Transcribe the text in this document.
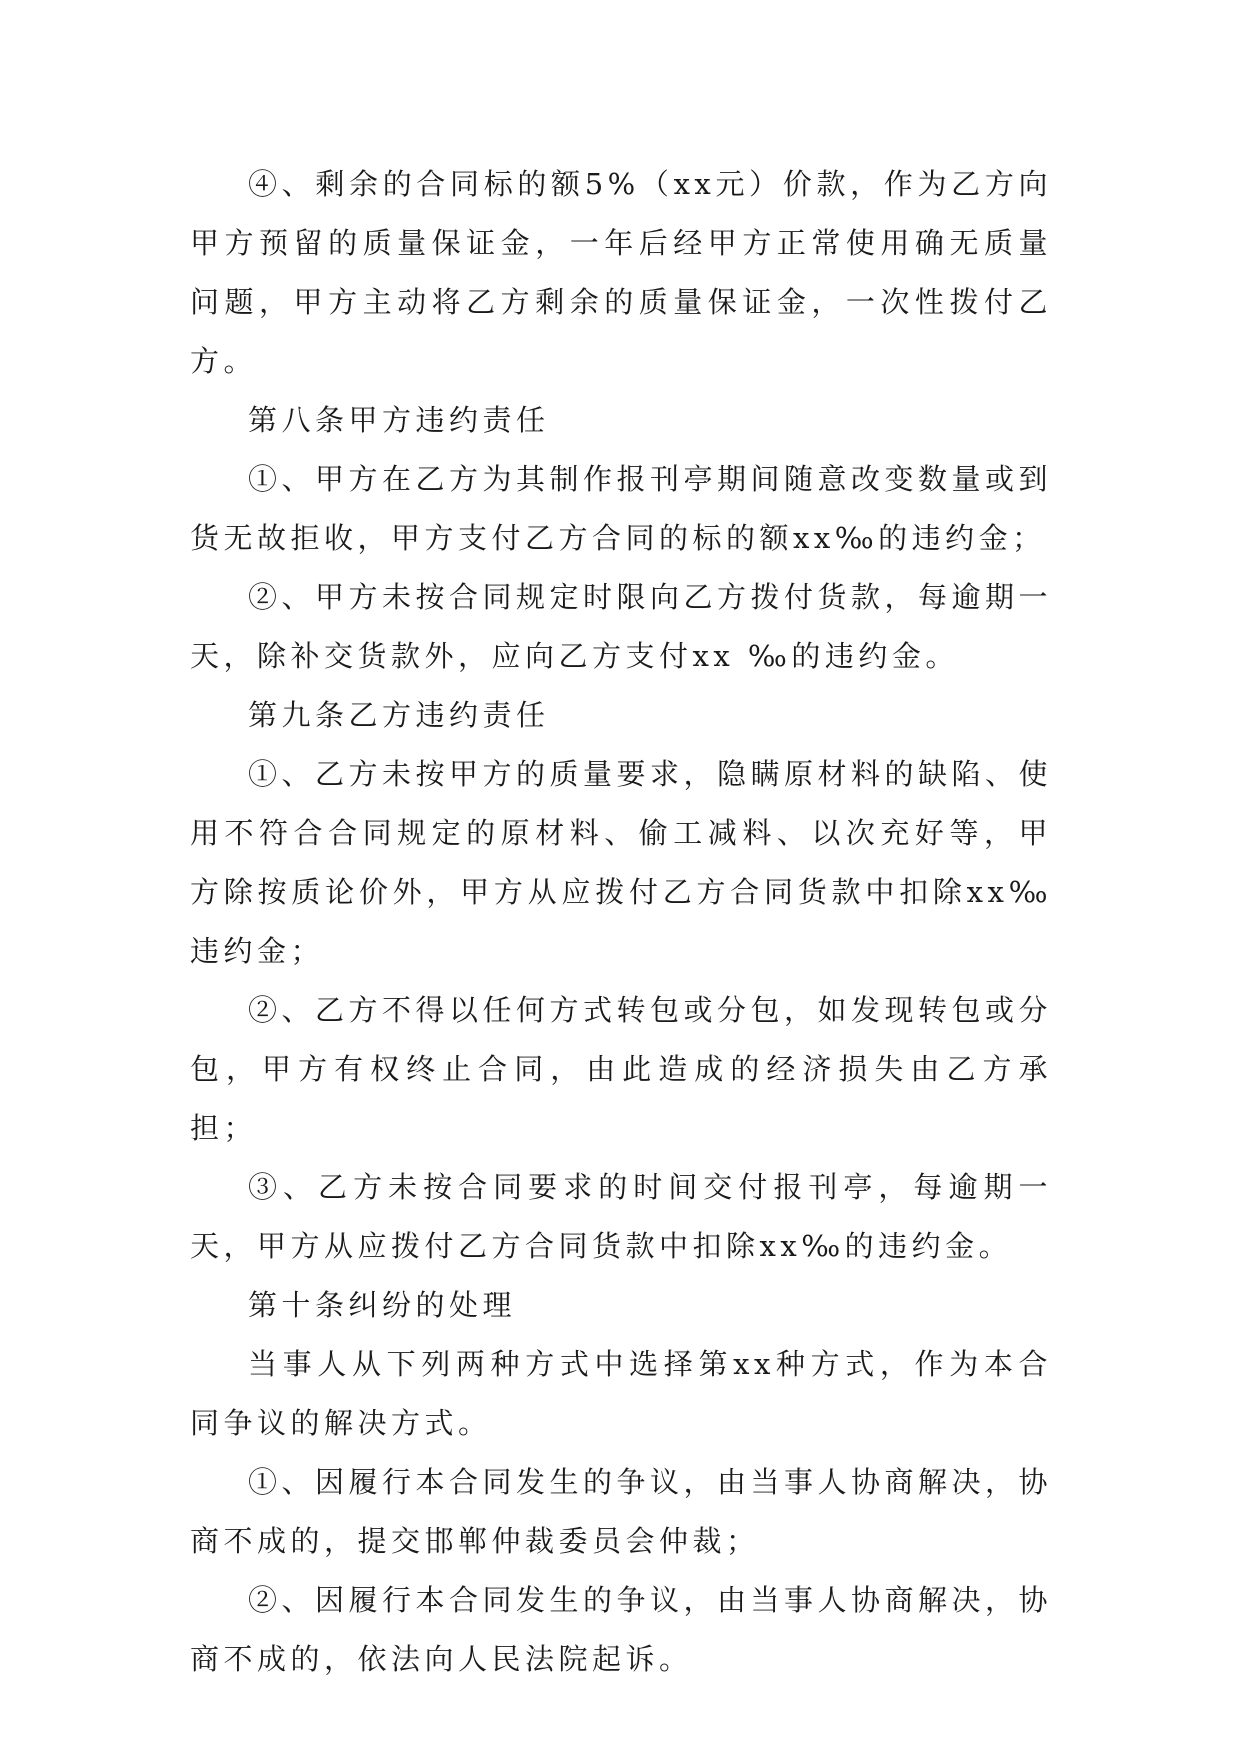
④、剩余的合同标的额5%（xx元）价款，作为乙方向甲方预留的质量保证金，一年后经甲方正常使用确无质量问题，甲方主动将乙方剩余的质量保证金，一次性拨付乙方。

第八条甲方违约责任

①、甲方在乙方为其制作报刊亭期间随意改变数量或到货无故拒收，甲方支付乙方合同的标的额xx‰的违约金；

②、甲方未按合同规定时限向乙方拨付货款，每逾期一天，除补交货款外，应向乙方支付xx ‰的违约金。

第九条乙方违约责任

①、乙方未按甲方的质量要求，隐瞒原材料的缺陷、使用不符合合同规定的原材料、偷工减料、以次充好等，甲方除按质论价外，甲方从应拨付乙方合同货款中扣除xx‰违约金；

②、乙方不得以任何方式转包或分包，如发现转包或分包，甲方有权终止合同，由此造成的经济损失由乙方承担；

③、乙方未按合同要求的时间交付报刊亭，每逾期一天，甲方从应拨付乙方合同货款中扣除xx‰的违约金。

第十条纠纷的处理

当事人从下列两种方式中选择第xx种方式，作为本合同争议的解决方式。

①、因履行本合同发生的争议，由当事人协商解决，协商不成的，提交邯郸仲裁委员会仲裁；

②、因履行本合同发生的争议，由当事人协商解决，协商不成的，依法向人民法院起诉。
